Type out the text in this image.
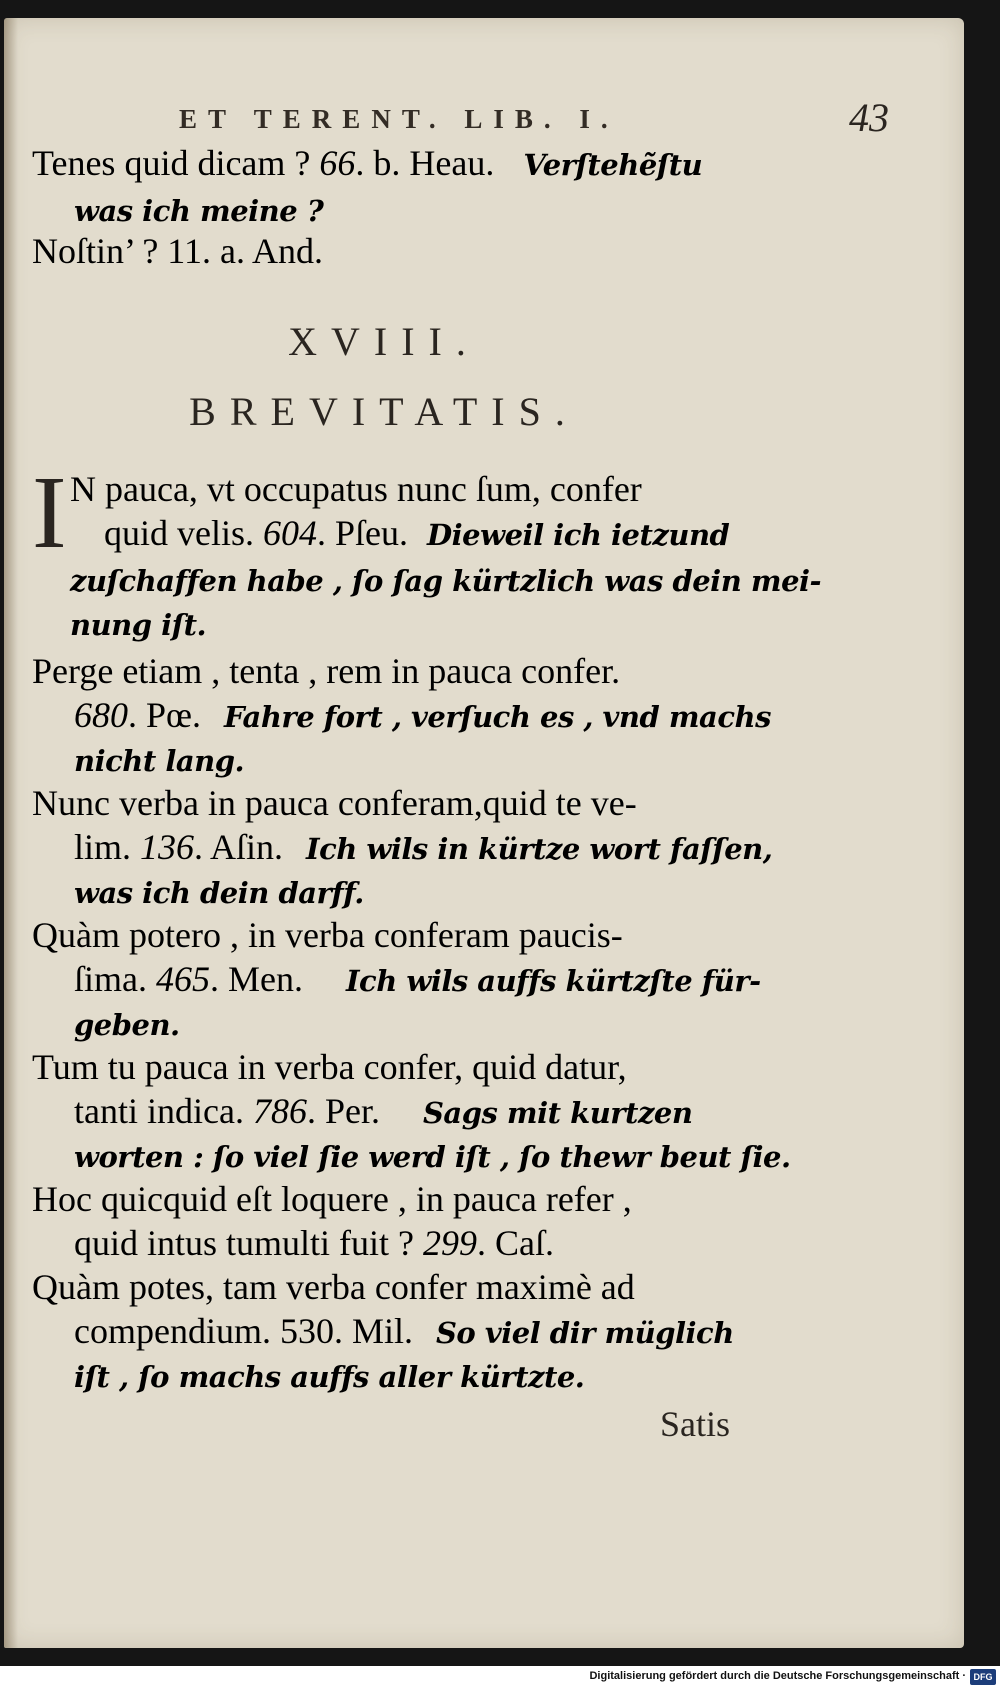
ET TERENT. LIB. I.	43
Tenes quid dicam ? 66. b. Heau. Verſtehẽſtu
was ich meine ?
Noſtin’ ? 11. a. And.
XVIII.
BREVITATIS.
I N pauca, vt occupatus nunc ſum, confer
quid velis. 604. Pſeu. Dieweil ich ietzund
zuſchaffen habe , ſo ſag kürtzlich was dein mei-
nung iſt.
Perge etiam , tenta , rem in pauca confer.
680. Pœ. Fahre fort , verſuch es , vnd machs
nicht lang.
Nunc verba in pauca conferam,quid te ve-
lim. 136. Aſin. Ich wils in kürtze wort faſſen,
was ich dein darff.
Quàm potero , in verba conferam paucis-
ſima. 465. Men. Ich wils auffs kürtzſte für-
geben.
Tum tu pauca in verba confer, quid datur,
tanti indica. 786. Per. Sags mit kurtzen
worten : ſo viel ſie werd iſt , ſo thewr beut ſie.
Hoc quicquid eſt loquere , in pauca refer ,
quid intus tumulti fuit ? 299. Caſ.
Quàm potes, tam verba confer maximè ad
compendium. 530. Mil. So viel dir müglich
iſt , ſo machs auffs aller kürtzte.
Satis
Digitalisierung gefördert durch die Deutsche Forschungsgemeinschaft · DFG
